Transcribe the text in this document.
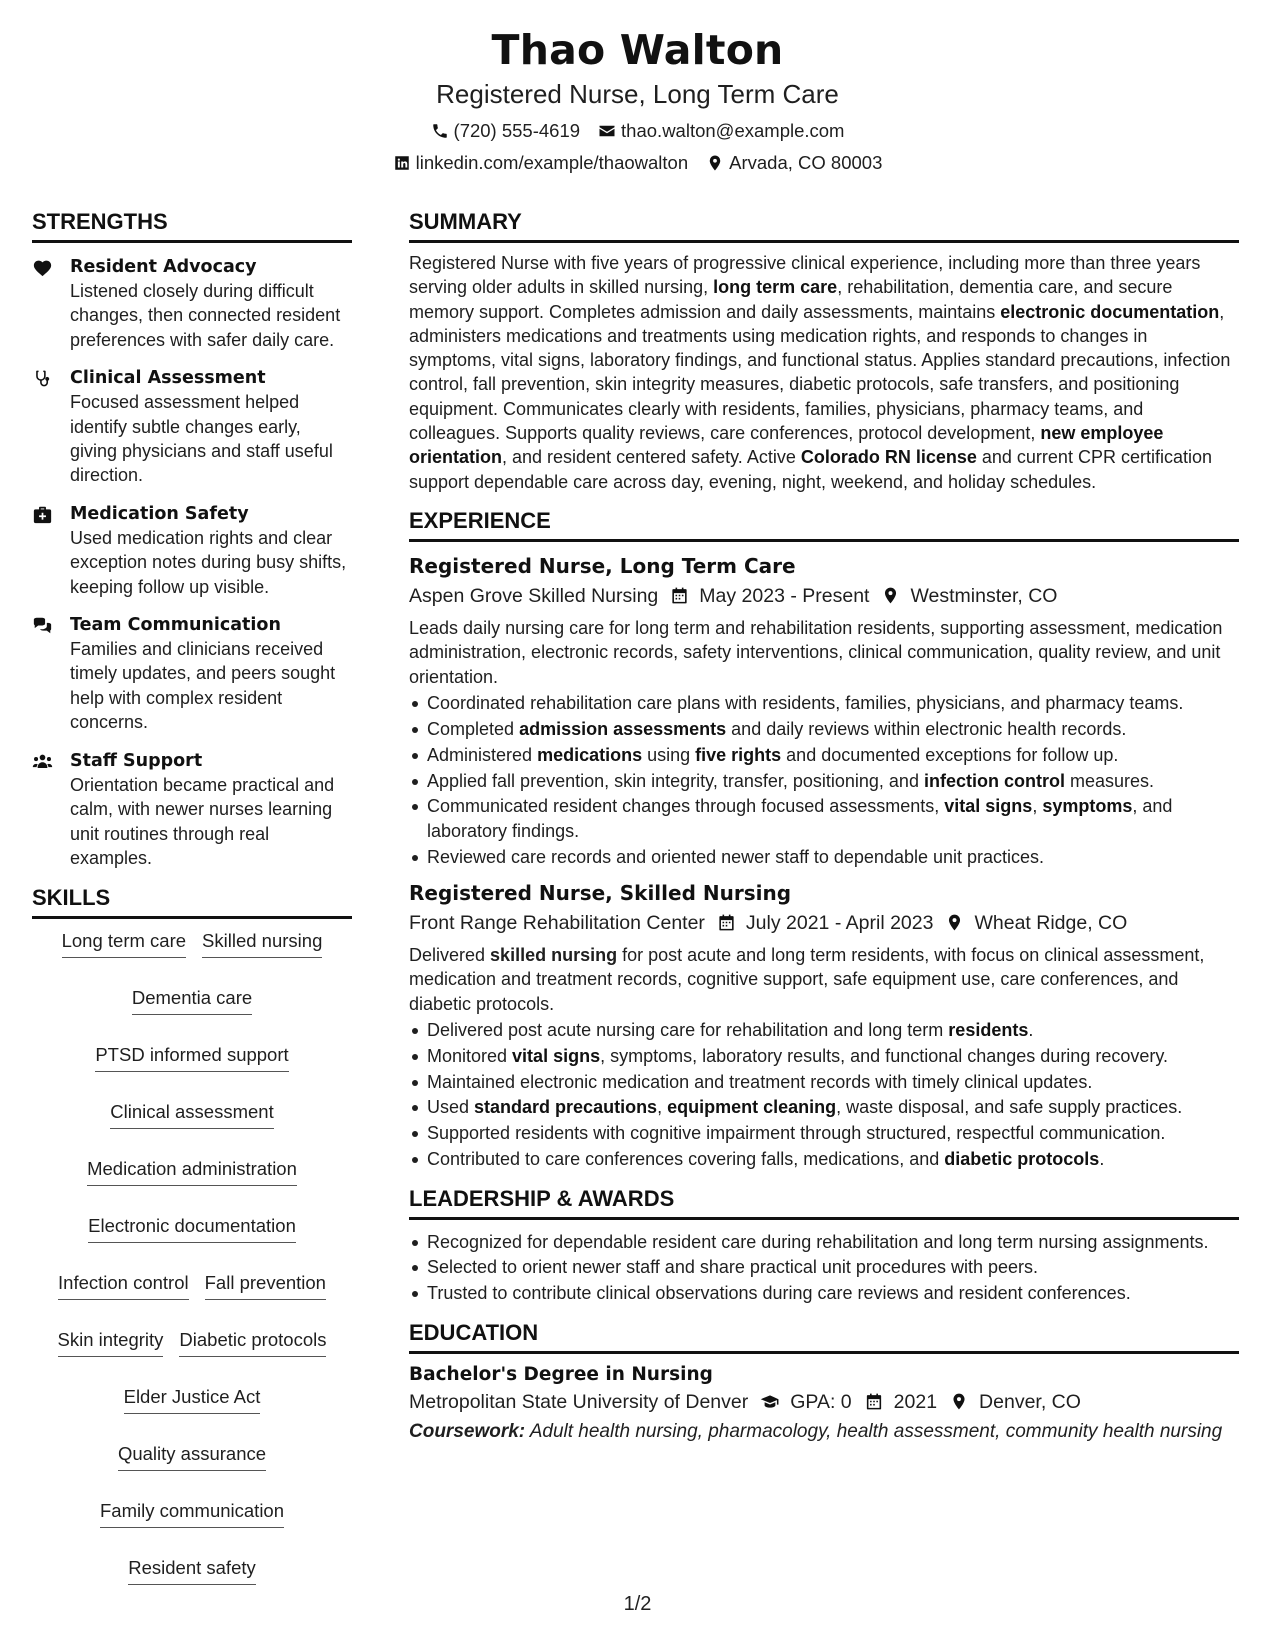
Thao Walton
Registered Nurse, Long Term Care
(720) 555-4619 thao.walton@example.com
linkedin.com/example/thaowalton Arvada, CO 80003
STRENGTHS
Resident Advocacy
Listened closely during difficult changes, then connected resident preferences with safer daily care.
Clinical Assessment
Focused assessment helped identify subtle changes early, giving physicians and staff useful direction.
Medication Safety
Used medication rights and clear exception notes during busy shifts, keeping follow up visible.
Team Communication
Families and clinicians received timely updates, and peers sought help with complex resident concerns.
Staff Support
Orientation became practical and calm, with newer nurses learning unit routines through real examples.
SKILLS
Long term care Skilled nursing
Dementia care
PTSD informed support
Clinical assessment
Medication administration
Electronic documentation
Infection control Fall prevention
Skin integrity Diabetic protocols
Elder Justice Act
Quality assurance
Family communication
Resident safety
SUMMARY

Registered Nurse with five years of progressive clinical experience, including more than three years serving older adults in skilled nursing, long term care, rehabilitation, dementia care, and secure memory support. Completes admission and daily assessments, maintains electronic documentation, administers medications and treatments using medication rights, and responds to changes in symptoms, vital signs, laboratory findings, and functional status. Applies standard precautions, infection control, fall prevention, skin integrity measures, diabetic protocols, safe transfers, and positioning equipment. Communicates clearly with residents, families, physicians, pharmacy teams, and colleagues. Supports quality reviews, care conferences, protocol development, new employee orientation, and resident centered safety. Active Colorado RN license and current CPR certification support dependable care across day, evening, night, weekend, and holiday schedules.

EXPERIENCE
Registered Nurse, Long Term Care
Aspen Grove Skilled Nursing May 2023 - Present Westminster, CO

Leads daily nursing care for long term and rehabilitation residents, supporting assessment, medication administration, electronic records, safety interventions, clinical communication, quality review, and unit orientation.

Coordinated rehabilitation care plans with residents, families, physicians, and pharmacy teams.
Completed admission assessments and daily reviews within electronic health records.
Administered medications using five rights and documented exceptions for follow up.
Applied fall prevention, skin integrity, transfer, positioning, and infection control measures.
Communicated resident changes through focused assessments, vital signs, symptoms, and laboratory findings.
Reviewed care records and oriented newer staff to dependable unit practices.
Registered Nurse, Skilled Nursing
Front Range Rehabilitation Center July 2021 - April 2023 Wheat Ridge, CO

Delivered skilled nursing for post acute and long term residents, with focus on clinical assessment, medication and treatment records, cognitive support, safe equipment use, care conferences, and diabetic protocols.

Delivered post acute nursing care for rehabilitation and long term residents.
Monitored vital signs, symptoms, laboratory results, and functional changes during recovery.
Maintained electronic medication and treatment records with timely clinical updates.
Used standard precautions, equipment cleaning, waste disposal, and safe supply practices.
Supported residents with cognitive impairment through structured, respectful communication.
Contributed to care conferences covering falls, medications, and diabetic protocols.
LEADERSHIP & AWARDS
Recognized for dependable resident care during rehabilitation and long term nursing assignments.
Selected to orient newer staff and share practical unit procedures with peers.
Trusted to contribute clinical observations during care reviews and resident conferences.
EDUCATION
Bachelor's Degree in Nursing
Metropolitan State University of Denver GPA: 0 2021 Denver, CO

Coursework: Adult health nursing, pharmacology, health assessment, community health nursing

1/2
